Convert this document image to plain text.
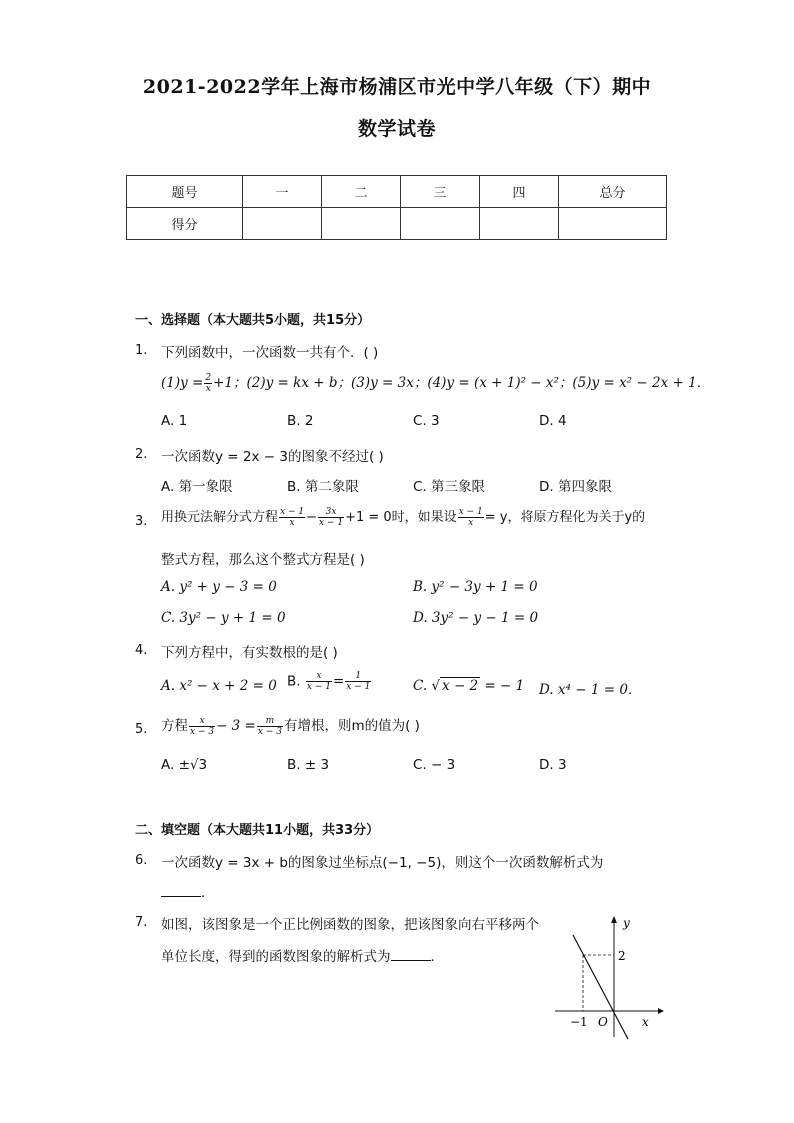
2021-2022学年上海市杨浦区市光中学八年级（下）期中
数学试卷
题号	一	二	三	四	总分
得分					
一、选择题（本大题共5小题，共15分）
1. 下列函数中，一次函数一共有个．( )
$(1)y = \frac{2}{x} +1$；(2)y = kx + b；(3)y = 3x；(4)y = (x + 1)² − x²；(5)y = x² − 2x + 1．
A. 1	B. 2	C. 3	D. 4
2. 一次函数y = 2x − 3的图象不经过( )
A. 第一象限	B. 第二象限	C. 第三象限	D. 第四象限
3. 用换元法解分式方程 $\frac{x - 1}{x} - \frac{3x}{x - 1} +1 = 0$时，如果设 $\frac{x - 1}{x} = y$，将原方程化为关于y的
整式方程，那么这个整式方程是( )
A. y² + y − 3 = 0	B. y² − 3y + 1 = 0
C. 3y² − y + 1 = 0	D. 3y² − y − 1 = 0
4. 下列方程中，有实数根的是( )
A. x² − x + 2 = 0 B. $\frac{x}{x - 1} = \frac{1}{x - 1}$	C. √ x − 2 = − 1 D. x⁴ − 1 = 0．
5. 方程 $\frac{x}{x - 3} - 3 = \frac{m}{x - 3}$ 有增根，则m的值为( )
A. ±√3	B. ± 3	C. − 3	D. 3
二、填空题（本大题共11小题，共33分）
6. 一次函数y = 3x + b的图象过坐标点(−1, −5)，则这个一次函数解析式为
．
7. 如图，该图象是一个正比例函数的图象，把该图象向右平移两个
单位长度，得到的函数图象的解析式为	．
y
x
O
2
−1
